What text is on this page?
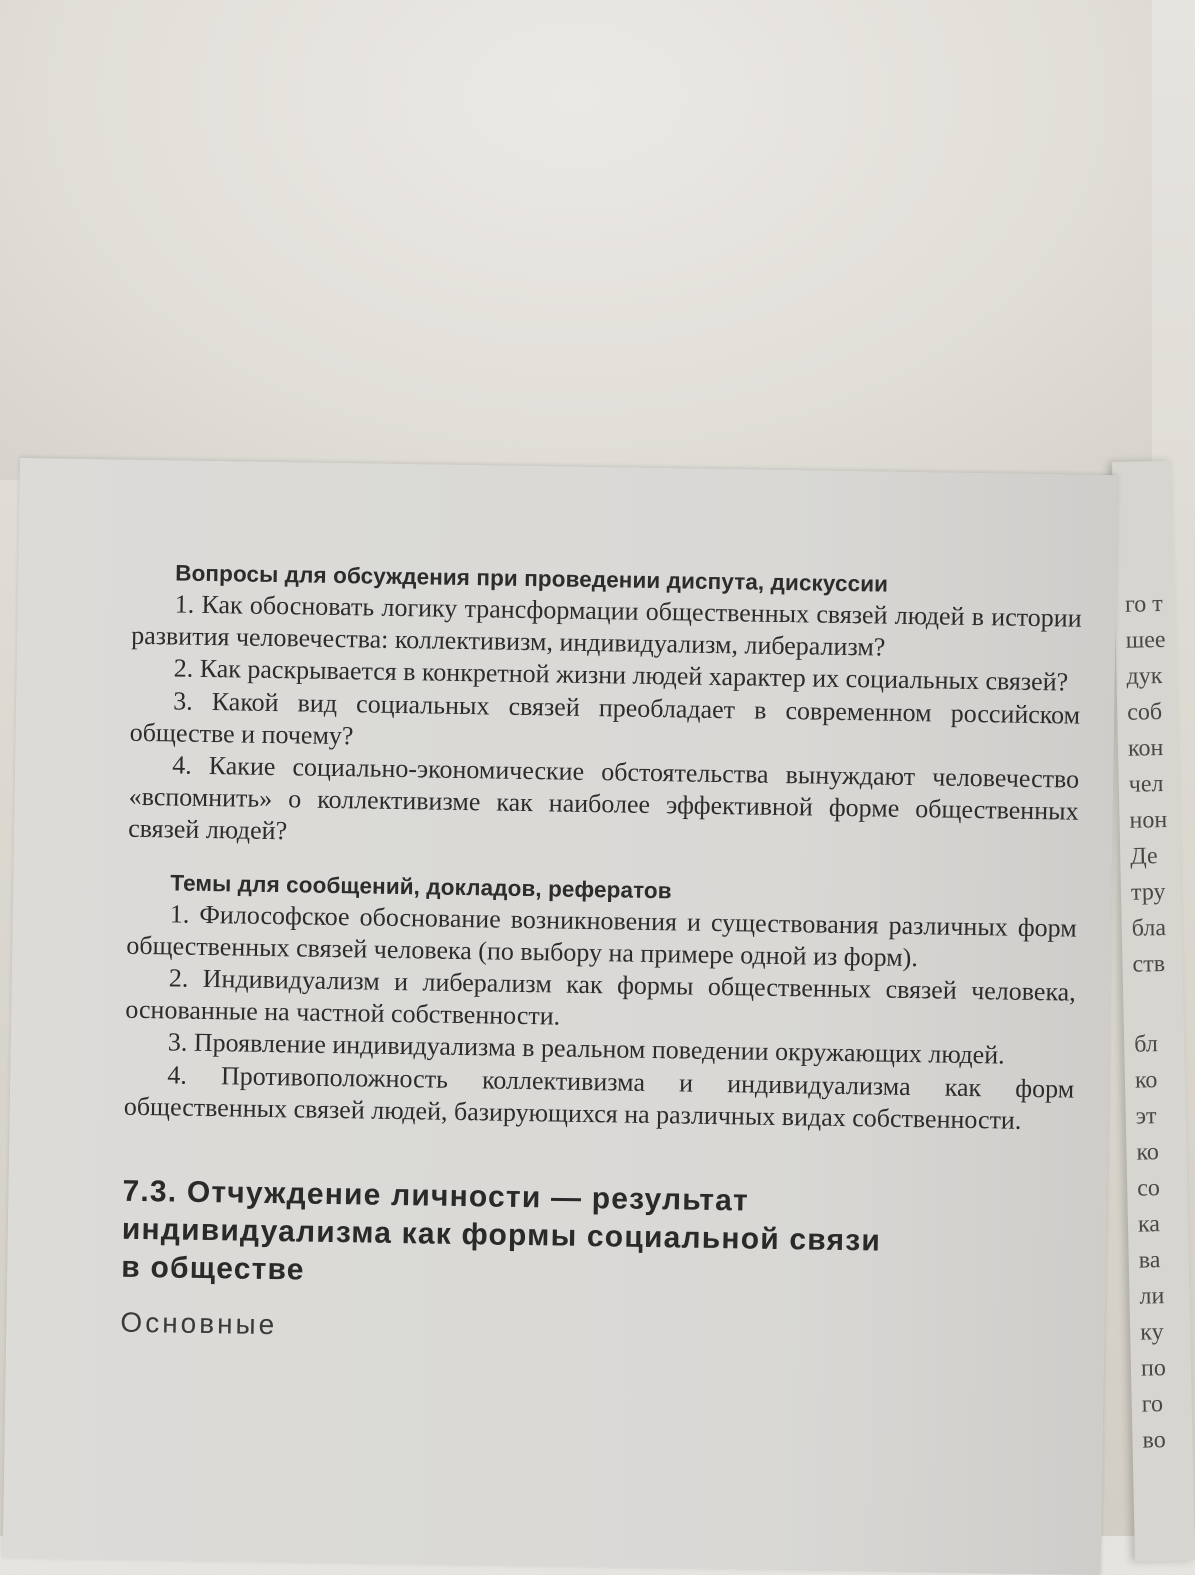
го т
шее
дук
соб
кон
чел
нон
Де
тру
бла
ств
бл
ко
эт
ко
со
ка
ва
ли
ку
по
го
во
Вопросы для обсуждения при проведении диспута, дискуссии

1. Как обосновать логику трансформации общественных связей людей в истории развития человечества: коллективизм, индивидуализм, либерализм?

2. Как раскрывается в конкретной жизни людей характер их социальных связей?

3. Какой вид социальных связей преобладает в современном российском обществе и почему?

4. Какие социально-экономические обстоятельства вынуждают человечество «вспомнить» о коллективизме как наиболее эффективной форме общественных связей людей?

Темы для сообщений, докладов, рефератов

1. Философское обоснование возникновения и существования различных форм общественных связей человека (по выбору на примере одной из форм).

2. Индивидуализм и либерализм как формы общественных связей человека, основанные на частной собственности.

3. Проявление индивидуализма в реальном поведении окружающих людей.

4. Противоположность коллективизма и индивидуализма как форм общественных связей людей, базирующихся на различных видах собственности.

7.3. Отчуждение личности — результат
индивидуализма как формы социальной связи
в обществе
Основные
